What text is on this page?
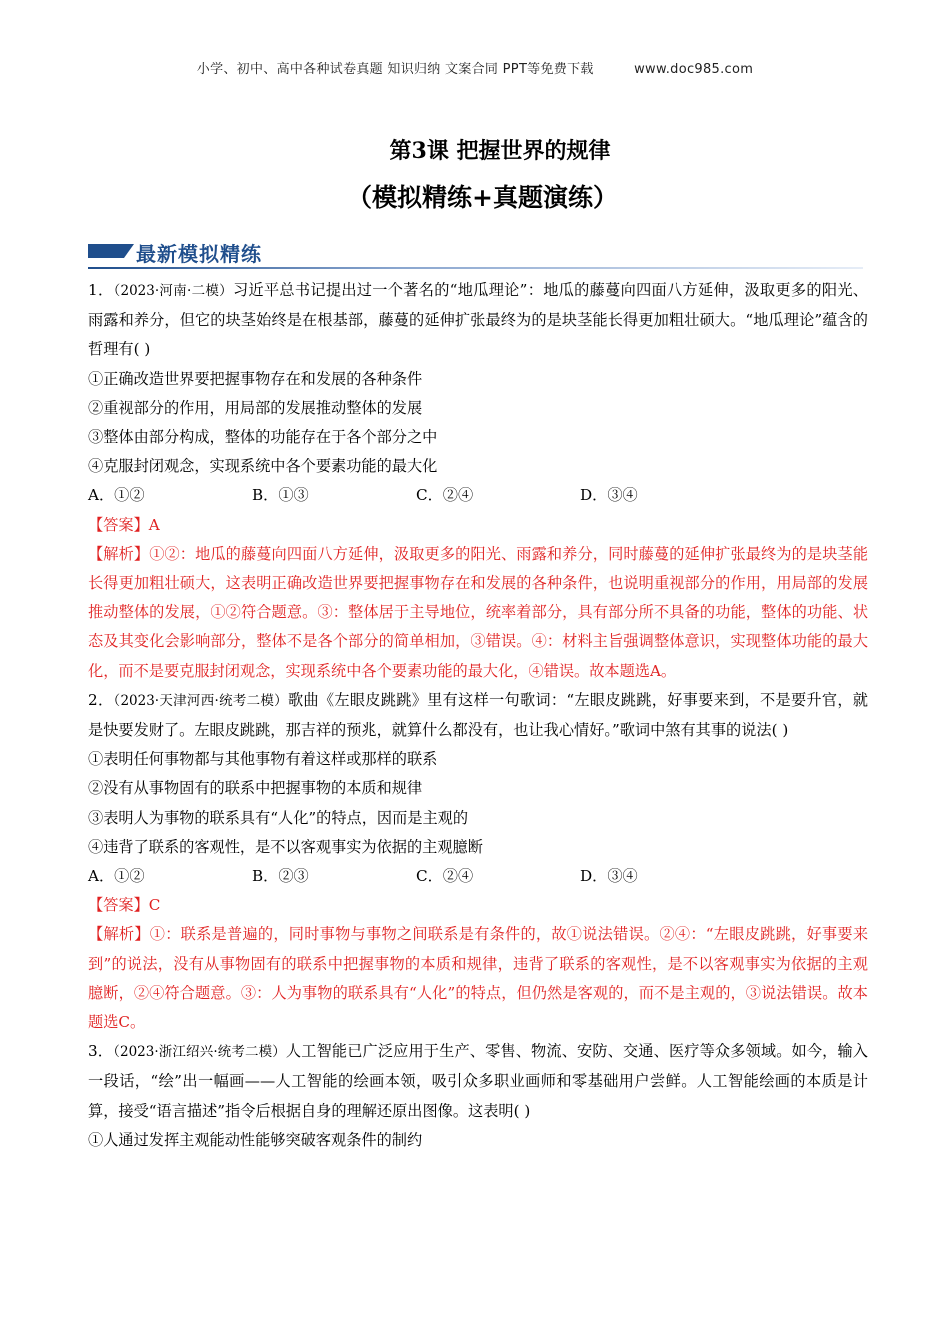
小学、初中、高中各种试卷真题 知识归纳 文案合同 PPT等免费下载	www.doc985.com
第3课 把握世界的规律
（模拟精练+真题演练）
最新模拟精练

1．（2023·河南·二模）习近平总书记提出过一个著名的“地瓜理论”：地瓜的藤蔓向四面八方延伸，汲取更多的阳光、雨露和养分，但它的块茎始终是在根基部，藤蔓的延伸扩张最终为的是块茎能长得更加粗壮硕大。“地瓜理论”蕴含的哲理有( )

①正确改造世界要把握事物存在和发展的各种条件

②重视部分的作用，用局部的发展推动整体的发展

③整体由部分构成，整体的功能存在于各个部分之中

④克服封闭观念，实现系统中各个要素功能的最大化

A．①②	B．①③	C．②④	D．③④

【答案】A

【解析】①②：地瓜的藤蔓向四面八方延伸，汲取更多的阳光、雨露和养分，同时藤蔓的延伸扩张最终为的是块茎能长得更加粗壮硕大，这表明正确改造世界要把握事物存在和发展的各种条件，也说明重视部分的作用，用局部的发展推动整体的发展，①②符合题意。③：整体居于主导地位，统率着部分，具有部分所不具备的功能，整体的功能、状态及其变化会影响部分，整体不是各个部分的简单相加，③错误。④：材料主旨强调整体意识，实现整体功能的最大化，而不是要克服封闭观念，实现系统中各个要素功能的最大化，④错误。故本题选A。

2．（2023·天津河西·统考二模）歌曲《左眼皮跳跳》里有这样一句歌词：“左眼皮跳跳，好事要来到，不是要升官，就是快要发财了。左眼皮跳跳，那吉祥的预兆，就算什么都没有，也让我心情好。”歌词中煞有其事的说法( )

①表明任何事物都与其他事物有着这样或那样的联系

②没有从事物固有的联系中把握事物的本质和规律

③表明人为事物的联系具有“人化”的特点，因而是主观的

④违背了联系的客观性，是不以客观事实为依据的主观臆断

A．①②	B．②③	C．②④	D．③④

【答案】C

【解析】①：联系是普遍的，同时事物与事物之间联系是有条件的，故①说法错误。②④：“左眼皮跳跳，好事要来到”的说法，没有从事物固有的联系中把握事物的本质和规律，违背了联系的客观性，是不以客观事实为依据的主观臆断，②④符合题意。③：人为事物的联系具有“人化”的特点，但仍然是客观的，而不是主观的，③说法错误。故本题选C。

3．（2023·浙江绍兴·统考二模）人工智能已广泛应用于生产、零售、物流、安防、交通、医疗等众多领域。如今，输入一段话，“绘”出一幅画——人工智能的绘画本领，吸引众多职业画师和零基础用户尝鲜。人工智能绘画的本质是计算，接受“语言描述”指令后根据自身的理解还原出图像。这表明( )

①人通过发挥主观能动性能够突破客观条件的制约
